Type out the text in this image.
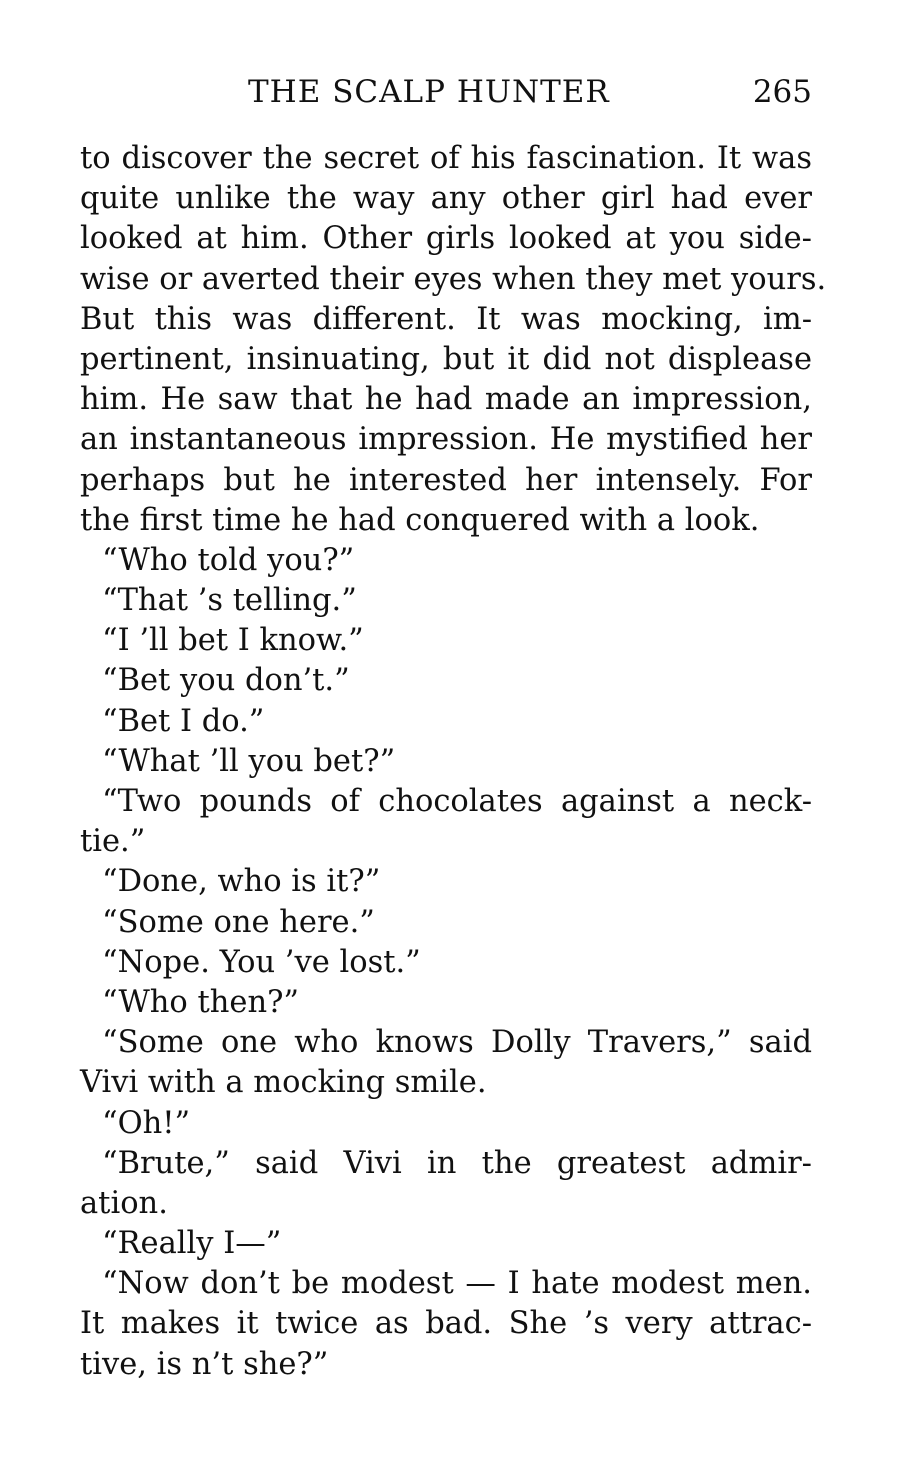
THE SCALP HUNTER	265
to discover the secret of his fascination. It was
quite unlike the way any other girl had ever
looked at him. Other girls looked at you side-
wise or averted their eyes when they met yours.
But this was different. It was mocking, im-
pertinent, insinuating, but it did not displease
him. He saw that he had made an impression,
an instantaneous impression. He mystified her
perhaps but he interested her intensely. For
the first time he had conquered with a look.
“Who told you?”
“That ’s telling.”
“I ’ll bet I know.”
“Bet you don’t.”
“Bet I do.”
“What ’ll you bet?”
“Two pounds of chocolates against a neck-
tie.”
“Done, who is it?”
“Some one here.”
“Nope. You ’ve lost.”
“Who then?”
“Some one who knows Dolly Travers,” said
Vivi with a mocking smile.
“Oh!”
“Brute,” said Vivi in the greatest admir-
ation.
“Really I—”
“Now don’t be modest — I hate modest men.
It makes it twice as bad. She ’s very attrac-
tive, is n’t she?”
